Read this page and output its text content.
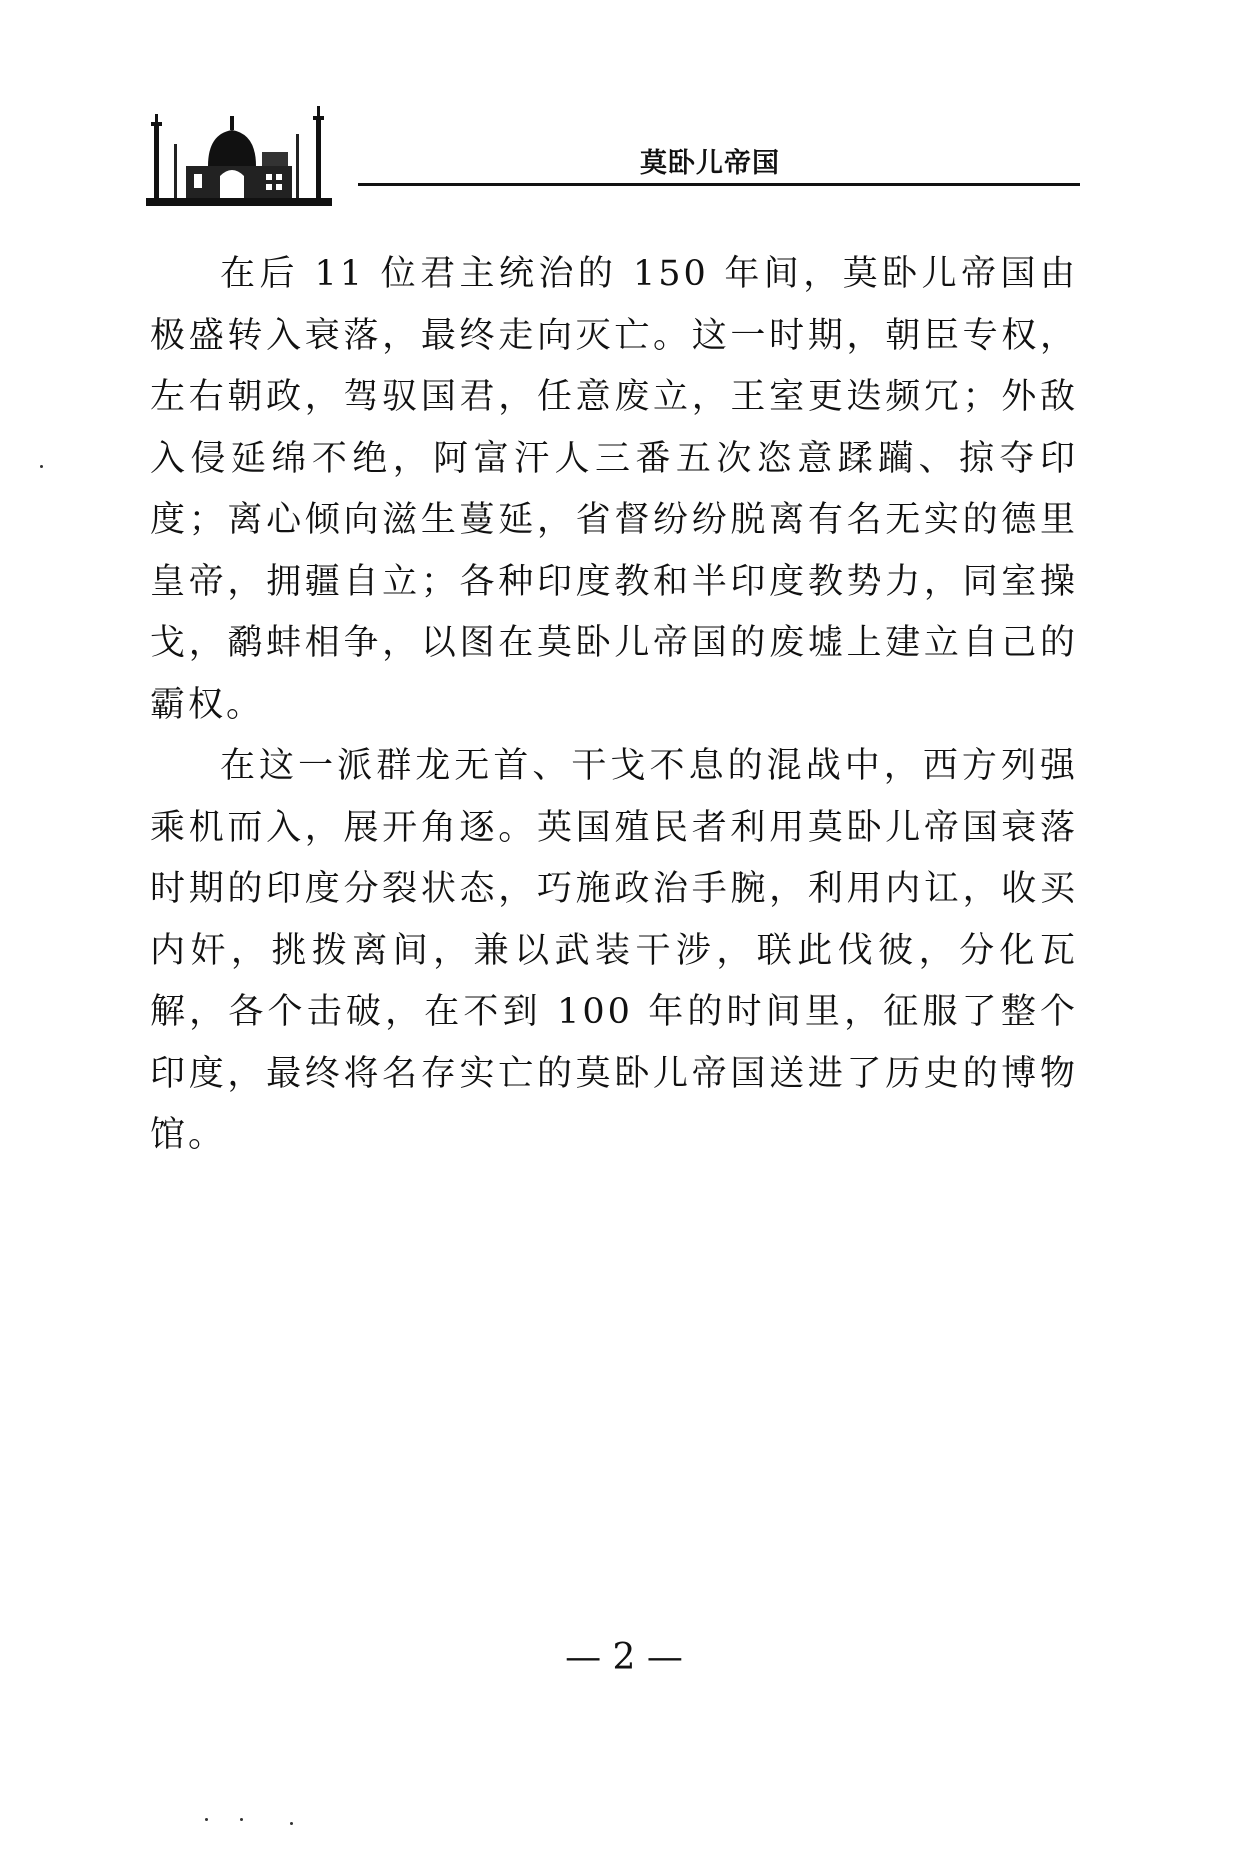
莫卧儿帝国

在后 11 位君主统治的 150 年间，莫卧儿帝国由极盛转入衰落，最终走向灭亡。这一时期，朝臣专权，左右朝政，驾驭国君，任意废立，王室更迭频冗；外敌入侵延绵不绝，阿富汗人三番五次恣意蹂躏、掠夺印度；离心倾向滋生蔓延，省督纷纷脱离有名无实的德里皇帝，拥疆自立；各种印度教和半印度教势力，同室操戈，鹬蚌相争，以图在莫卧儿帝国的废墟上建立自己的霸权。

在这一派群龙无首、干戈不息的混战中，西方列强乘机而入，展开角逐。英国殖民者利用莫卧儿帝国衰落时期的印度分裂状态，巧施政治手腕，利用内讧，收买内奸，挑拨离间，兼以武装干涉，联此伐彼，分化瓦解，各个击破，在不到 100 年的时间里，征服了整个印度，最终将名存实亡的莫卧儿帝国送进了历史的博物馆。

— 2 —
